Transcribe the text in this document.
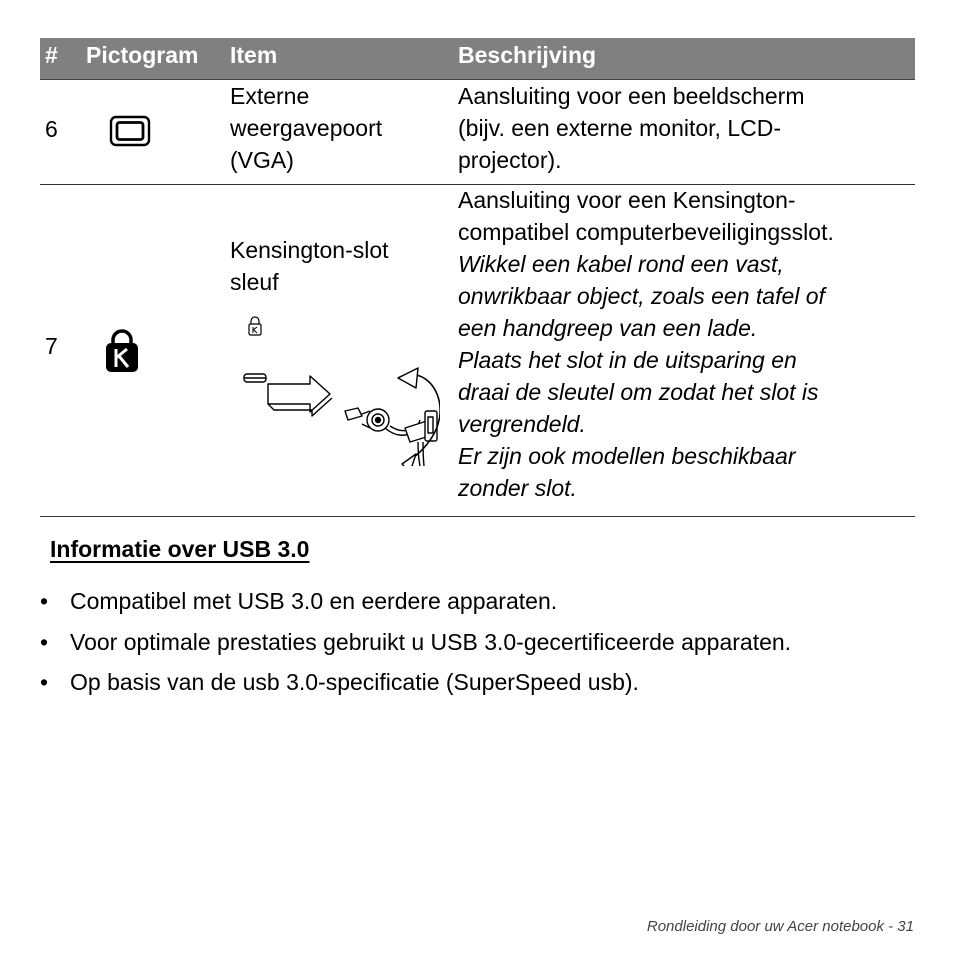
# Pictogram Item	Beschrijving
6
Externe
weergavepoort
(VGA)
Aansluiting voor een beeldscherm
(bijv. een externe monitor, LCD-
projector).
7
Kensington-slot
sleuf
Aansluiting voor een Kensington-
compatibel computerbeveiligingsslot.
Wikkel een kabel rond een vast,
onwrikbaar object, zoals een tafel of
een handgreep van een lade.
Plaats het slot in de uitsparing en
draai de sleutel om zodat het slot is
vergrendeld.
Er zijn ook modellen beschikbaar
zonder slot.
Informatie over USB 3.0
• Compatibel met USB 3.0 en eerdere apparaten.
• Voor optimale prestaties gebruikt u USB 3.0-gecertificeerde apparaten.
• Op basis van de usb 3.0-specificatie (SuperSpeed usb).
Rondleiding door uw Acer notebook - 31
